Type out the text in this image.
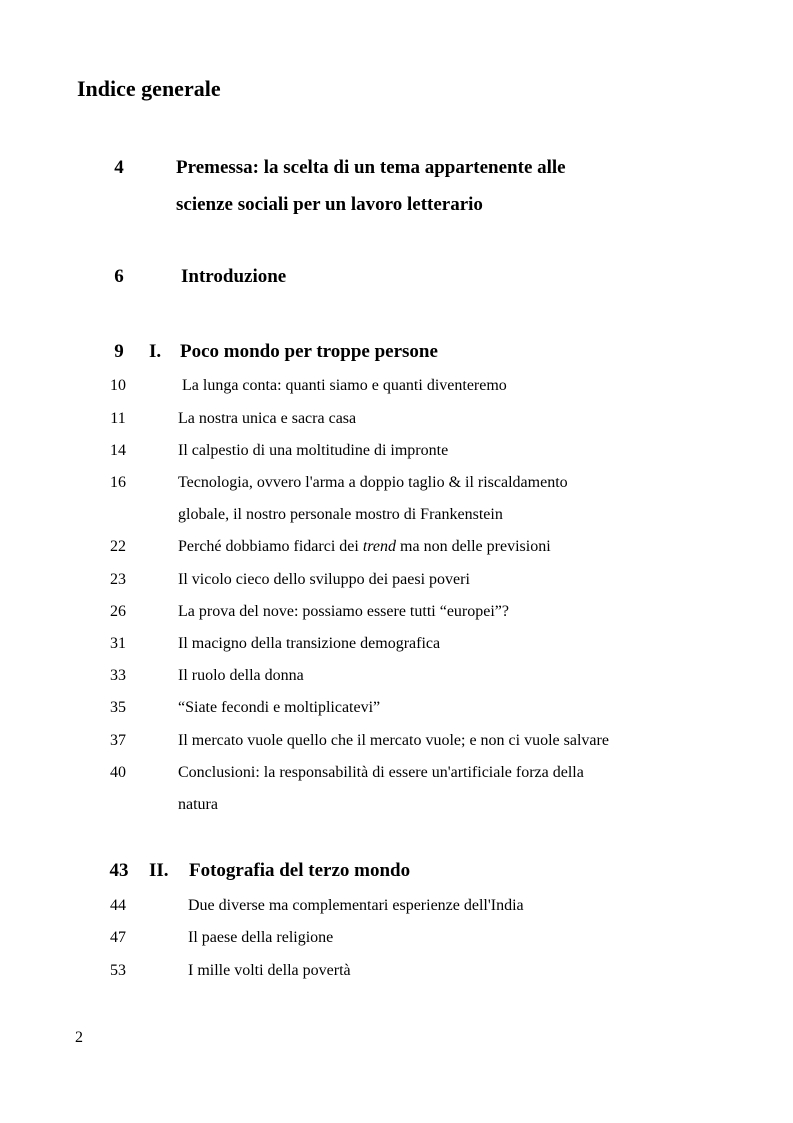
Indice generale
4	Premessa: la scelta di un tema appartenente alle
scienze sociali per un lavoro letterario
6	Introduzione
9	I. Poco mondo per troppe persone
10	La lunga conta: quanti siamo e quanti diventeremo
11	La nostra unica e sacra casa
14	Il calpestio di una moltitudine di impronte
16	Tecnologia, ovvero l'arma a doppio taglio & il riscaldamento
globale, il nostro personale mostro di Frankenstein
22	Perché dobbiamo fidarci dei trend ma non delle previsioni
23	Il vicolo cieco dello sviluppo dei paesi poveri
26	La prova del nove: possiamo essere tutti “europei”?
31	Il macigno della transizione demografica
33	Il ruolo della donna
35	“Siate fecondi e moltiplicatevi”
37	Il mercato vuole quello che il mercato vuole; e non ci vuole salvare
40	Conclusioni: la responsabilità di essere un'artificiale forza della
natura
43	II. Fotografia del terzo mondo
44	Due diverse ma complementari esperienze dell'India
47	Il paese della religione
53	I mille volti della povertà
2
